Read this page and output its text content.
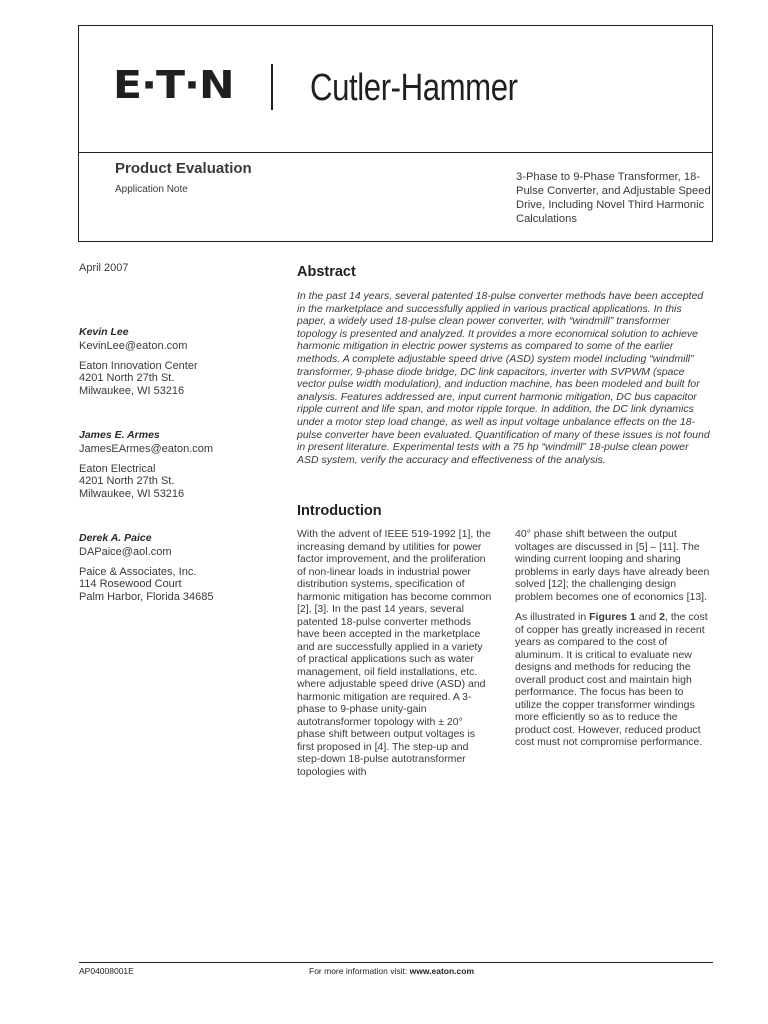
E·T·N Cutler-Hammer
Product Evaluation
Application Note
3-Phase to 9-Phase Transformer, 18-Pulse Converter, and Adjustable Speed Drive, Including Novel Third Harmonic Calculations
April 2007
Kevin Lee
KevinLee@eaton.com
Eaton Innovation Center
4201 North 27th St.
Milwaukee, WI 53216
James E. Armes
JamesEArmes@eaton.com
Eaton Electrical
4201 North 27th St.
Milwaukee, WI 53216
Derek A. Paice
DAPaice@aol.com
Paice & Associates, Inc.
114 Rosewood Court
Palm Harbor, Florida 34685
Abstract

In the past 14 years, several patented 18-pulse converter methods have been accepted in the marketplace and successfully applied in various practical applications. In this paper, a widely used 18-pulse clean power converter, with “windmill” transformer topology is presented and analyzed. It provides a more economical solution to achieve harmonic mitigation in electric power systems as compared to some of the earlier methods. A complete adjustable speed drive (ASD) system model including “windmill” transformer, 9-phase diode bridge, DC link capacitors, inverter with SVPWM (space vector pulse width modulation), and induction machine, has been modeled and built for analysis. Features addressed are, input current harmonic mitigation, DC bus capacitor ripple current and life span, and motor ripple torque. In addition, the DC link dynamics under a motor step load change, as well as input voltage unbalance effects on the 18-pulse converter have been evaluated. Quantification of many of these issues is not found in present literature. Experimental tests with a 75 hp “windmill” 18-pulse clean power ASD system, verify the accuracy and effectiveness of the analysis.

Introduction

With the advent of IEEE 519-1992 [1], the increasing demand by utilities for power factor improvement, and the proliferation of non-linear loads in industrial power distribution systems, specification of harmonic mitigation has become common [2], [3]. In the past 14 years, several patented 18-pulse converter methods have been accepted in the marketplace and are successfully applied in a variety of practical applications such as water management, oil field installations, etc. where adjustable speed drive (ASD) and harmonic mitigation are required. A 3-phase to 9-phase unity-gain autotransformer topology with ± 20° phase shift between output voltages is first proposed in [4]. The step-up and step-down 18-pulse autotransformer topologies with

40° phase shift between the output voltages are discussed in [5] – [11]. The winding current looping and sharing problems in early days have already been solved [12]; the challenging design problem becomes one of economics [13].

As illustrated in Figures 1 and 2, the cost of copper has greatly increased in recent years as compared to the cost of aluminum. It is critical to evaluate new designs and methods for reducing the overall product cost and maintain high performance. The focus has been to utilize the copper transformer windings more efficiently so as to reduce the product cost. However, reduced product cost must not compromise performance.

AP04008001E	For more information visit: www.eaton.com
